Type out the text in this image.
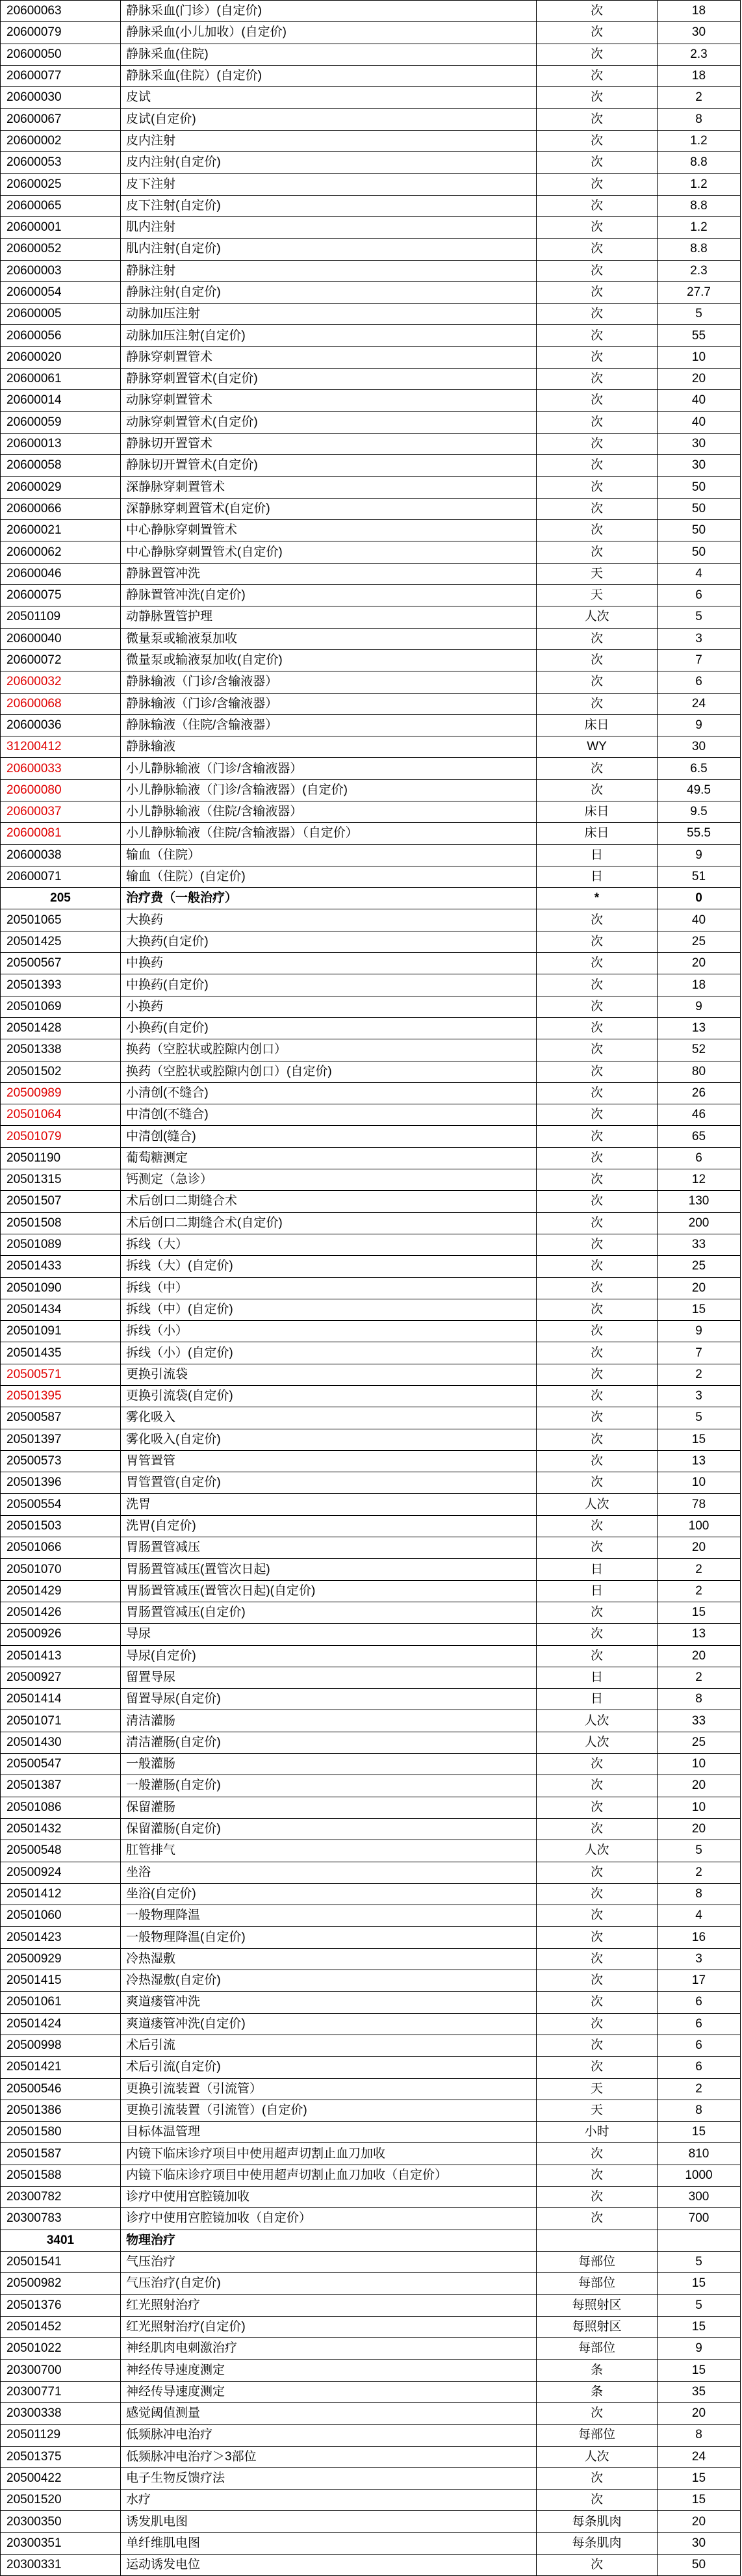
20600063	静脉采血(门诊）(自定价)	次	18
20600079	静脉采血(小儿加收）(自定价)	次	30
20600050	静脉采血(住院)	次	2.3
20600077	静脉采血(住院）(自定价)	次	18
20600030	皮试	次	2
20600067	皮试(自定价)	次	8
20600002	皮内注射	次	1.2
20600053	皮内注射(自定价)	次	8.8
20600025	皮下注射	次	1.2
20600065	皮下注射(自定价)	次	8.8
20600001	肌内注射	次	1.2
20600052	肌内注射(自定价)	次	8.8
20600003	静脉注射	次	2.3
20600054	静脉注射(自定价)	次	27.7
20600005	动脉加压注射	次	5
20600056	动脉加压注射(自定价)	次	55
20600020	静脉穿刺置管术	次	10
20600061	静脉穿刺置管术(自定价)	次	20
20600014	动脉穿刺置管术	次	40
20600059	动脉穿刺置管术(自定价)	次	40
20600013	静脉切开置管术	次	30
20600058	静脉切开置管术(自定价)	次	30
20600029	深静脉穿刺置管术	次	50
20600066	深静脉穿刺置管术(自定价)	次	50
20600021	中心静脉穿刺置管术	次	50
20600062	中心静脉穿刺置管术(自定价)	次	50
20600046	静脉置管冲洗	天	4
20600075	静脉置管冲洗(自定价)	天	6
20501109	动静脉置管护理	人次	5
20600040	微量泵或输液泵加收	次	3
20600072	微量泵或输液泵加收(自定价)	次	7
20600032	静脉输液（门诊/含输液器）	次	6
20600068	静脉输液（门诊/含输液器）	次	24
20600036	静脉输液（住院/含输液器）	床日	9
31200412	静脉输液	WY	30
20600033	小儿静脉输液（门诊/含输液器）	次	6.5
20600080	小儿静脉输液（门诊/含输液器）(自定价)	次	49.5
20600037	小儿静脉输液（住院/含输液器）	床日	9.5
20600081	小儿静脉输液（住院/含输液器）（自定价）	床日	55.5
20600038	输血（住院）	日	9
20600071	输血（住院）(自定价)	日	51
205	治疗费（一般治疗）	*	0
20501065	大换药	次	40
20501425	大换药(自定价)	次	25
20500567	中换药	次	20
20501393	中换药(自定价)	次	18
20501069	小换药	次	9
20501428	小换药(自定价)	次	13
20501338	换药（空腔状或腔隙内创口）	次	52
20501502	换药（空腔状或腔隙内创口）(自定价)	次	80
20500989	小清创(不缝合)	次	26
20501064	中清创(不缝合)	次	46
20501079	中清创(缝合)	次	65
20501190	葡萄糖测定	次	6
20501315	钙测定（急诊）	次	12
20501507	术后创口二期缝合术	次	130
20501508	术后创口二期缝合术(自定价)	次	200
20501089	拆线（大）	次	33
20501433	拆线（大）(自定价)	次	25
20501090	拆线（中）	次	20
20501434	拆线（中）(自定价)	次	15
20501091	拆线（小）	次	9
20501435	拆线（小）(自定价)	次	7
20500571	更换引流袋	次	2
20501395	更换引流袋(自定价)	次	3
20500587	雾化吸入	次	5
20501397	雾化吸入(自定价)	次	15
20500573	胃管置管	次	13
20501396	胃管置管(自定价)	次	10
20500554	洗胃	人次	78
20501503	洗胃(自定价)	次	100
20501066	胃肠置管减压	次	20
20501070	胃肠置管减压(置管次日起)	日	2
20501429	胃肠置管减压(置管次日起)(自定价)	日	2
20501426	胃肠置管减压(自定价)	次	15
20500926	导尿	次	13
20501413	导尿(自定价)	次	20
20500927	留置导尿	日	2
20501414	留置导尿(自定价)	日	8
20501071	清洁灌肠	人次	33
20501430	清洁灌肠(自定价)	人次	25
20500547	一般灌肠	次	10
20501387	一般灌肠(自定价)	次	20
20501086	保留灌肠	次	10
20501432	保留灌肠(自定价)	次	20
20500548	肛管排气	人次	5
20500924	坐浴	次	2
20501412	坐浴(自定价)	次	8
20501060	一般物理降温	次	4
20501423	一般物理降温(自定价)	次	16
20500929	冷热湿敷	次	3
20501415	冷热湿敷(自定价)	次	17
20501061	爽道瘘管冲洗	次	6
20501424	爽道瘘管冲洗(自定价)	次	6
20500998	术后引流	次	6
20501421	术后引流(自定价)	次	6
20500546	更换引流装置（引流管）	天	2
20501386	更换引流装置（引流管）(自定价)	天	8
20501580	目标体温管理	小时	15
20501587	内镜下临床诊疗项目中使用超声切割止血刀加收	次	810
20501588	内镜下临床诊疗项目中使用超声切割止血刀加收（自定价）	次	1000
20300782	诊疗中使用宫腔镜加收	次	300
20300783	诊疗中使用宫腔镜加收（自定价）	次	700
3401	物理治疗		
20501541	气压治疗	每部位	5
20500982	气压治疗(自定价)	每部位	15
20501376	红光照射治疗	每照射区	5
20501452	红光照射治疗(自定价)	每照射区	15
20501022	神经肌肉电刺激治疗	每部位	9
20300700	神经传导速度测定	条	15
20300771	神经传导速度测定	条	35
20300338	感觉阈值测量	次	20
20501129	低频脉冲电治疗	每部位	8
20501375	低频脉冲电治疗＞3部位	人次	24
20500422	电子生物反馈疗法	次	15
20501520	水疗	次	15
20300350	诱发肌电图	每条肌肉	20
20300351	单纤维肌电图	每条肌肉	30
20300331	运动诱发电位	次	50
